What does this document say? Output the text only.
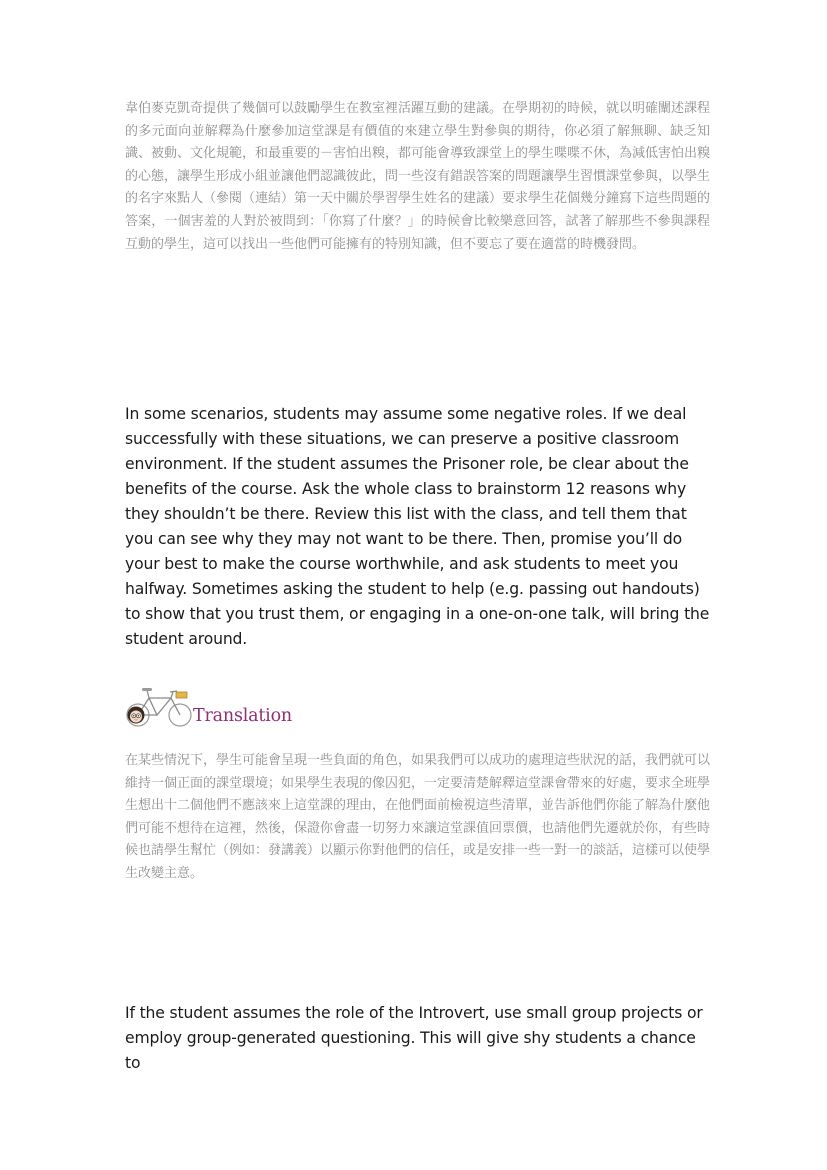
韋伯麥克凱奇提供了幾個可以鼓勵學生在教室裡活躍互動的建議。在學期初的時候，就以明確闡述課程的多元面向並解釋為什麼參加這堂課是有價值的來建立學生對參與的期待，你必須了解無聊、缺乏知識、被動、文化規範，和最重要的－害怕出糗，都可能會導致課堂上的學生喋喋不休，為減低害怕出糗的心態，讓學生形成小組並讓他們認識彼此，問一些沒有錯誤答案的問題讓學生習慣課堂參與，以學生的名字來點人（參閱（連結）第一天中關於學習學生姓名的建議）要求學生花個幾分鐘寫下這些問題的答案，一個害羞的人對於被問到：「你寫了什麼？」的時候會比較樂意回答，試著了解那些不參與課程互動的學生，這可以找出一些他們可能擁有的特別知識，但不要忘了要在適當的時機發問。

In some scenarios, students may assume some negative roles. If we deal successfully with these situations, we can preserve a positive classroom environment. If the student assumes the Prisoner role, be clear about the benefits of the course. Ask the whole class to brainstorm 12 reasons why they shouldn’t be there. Review this list with the class, and tell them that you can see why they may not want to be there. Then, promise you’ll do your best to make the course worthwhile, and ask students to meet you halfway. Sometimes asking the student to help (e.g. passing out handouts) to show that you trust them, or engaging in a one-on-one talk, will bring the student around.

Translation

在某些情況下，學生可能會呈現一些負面的角色，如果我們可以成功的處理這些狀況的話，我們就可以維持一個正面的課堂環境；如果學生表現的像囚犯，一定要清楚解釋這堂課會帶來的好處，要求全班學生想出十二個他們不應該來上這堂課的理由，在他們面前檢視這些清單，並告訴他們你能了解為什麼他們可能不想待在這裡，然後，保證你會盡一切努力來讓這堂課值回票價，也請他們先遷就於你，有些時候也請學生幫忙（例如：發講義）以顯示你對他們的信任，或是安排一些一對一的談話，這樣可以使學生改變主意。

If the student assumes the role of the Introvert, use small group projects or employ group-generated questioning. This will give shy students a chance to
